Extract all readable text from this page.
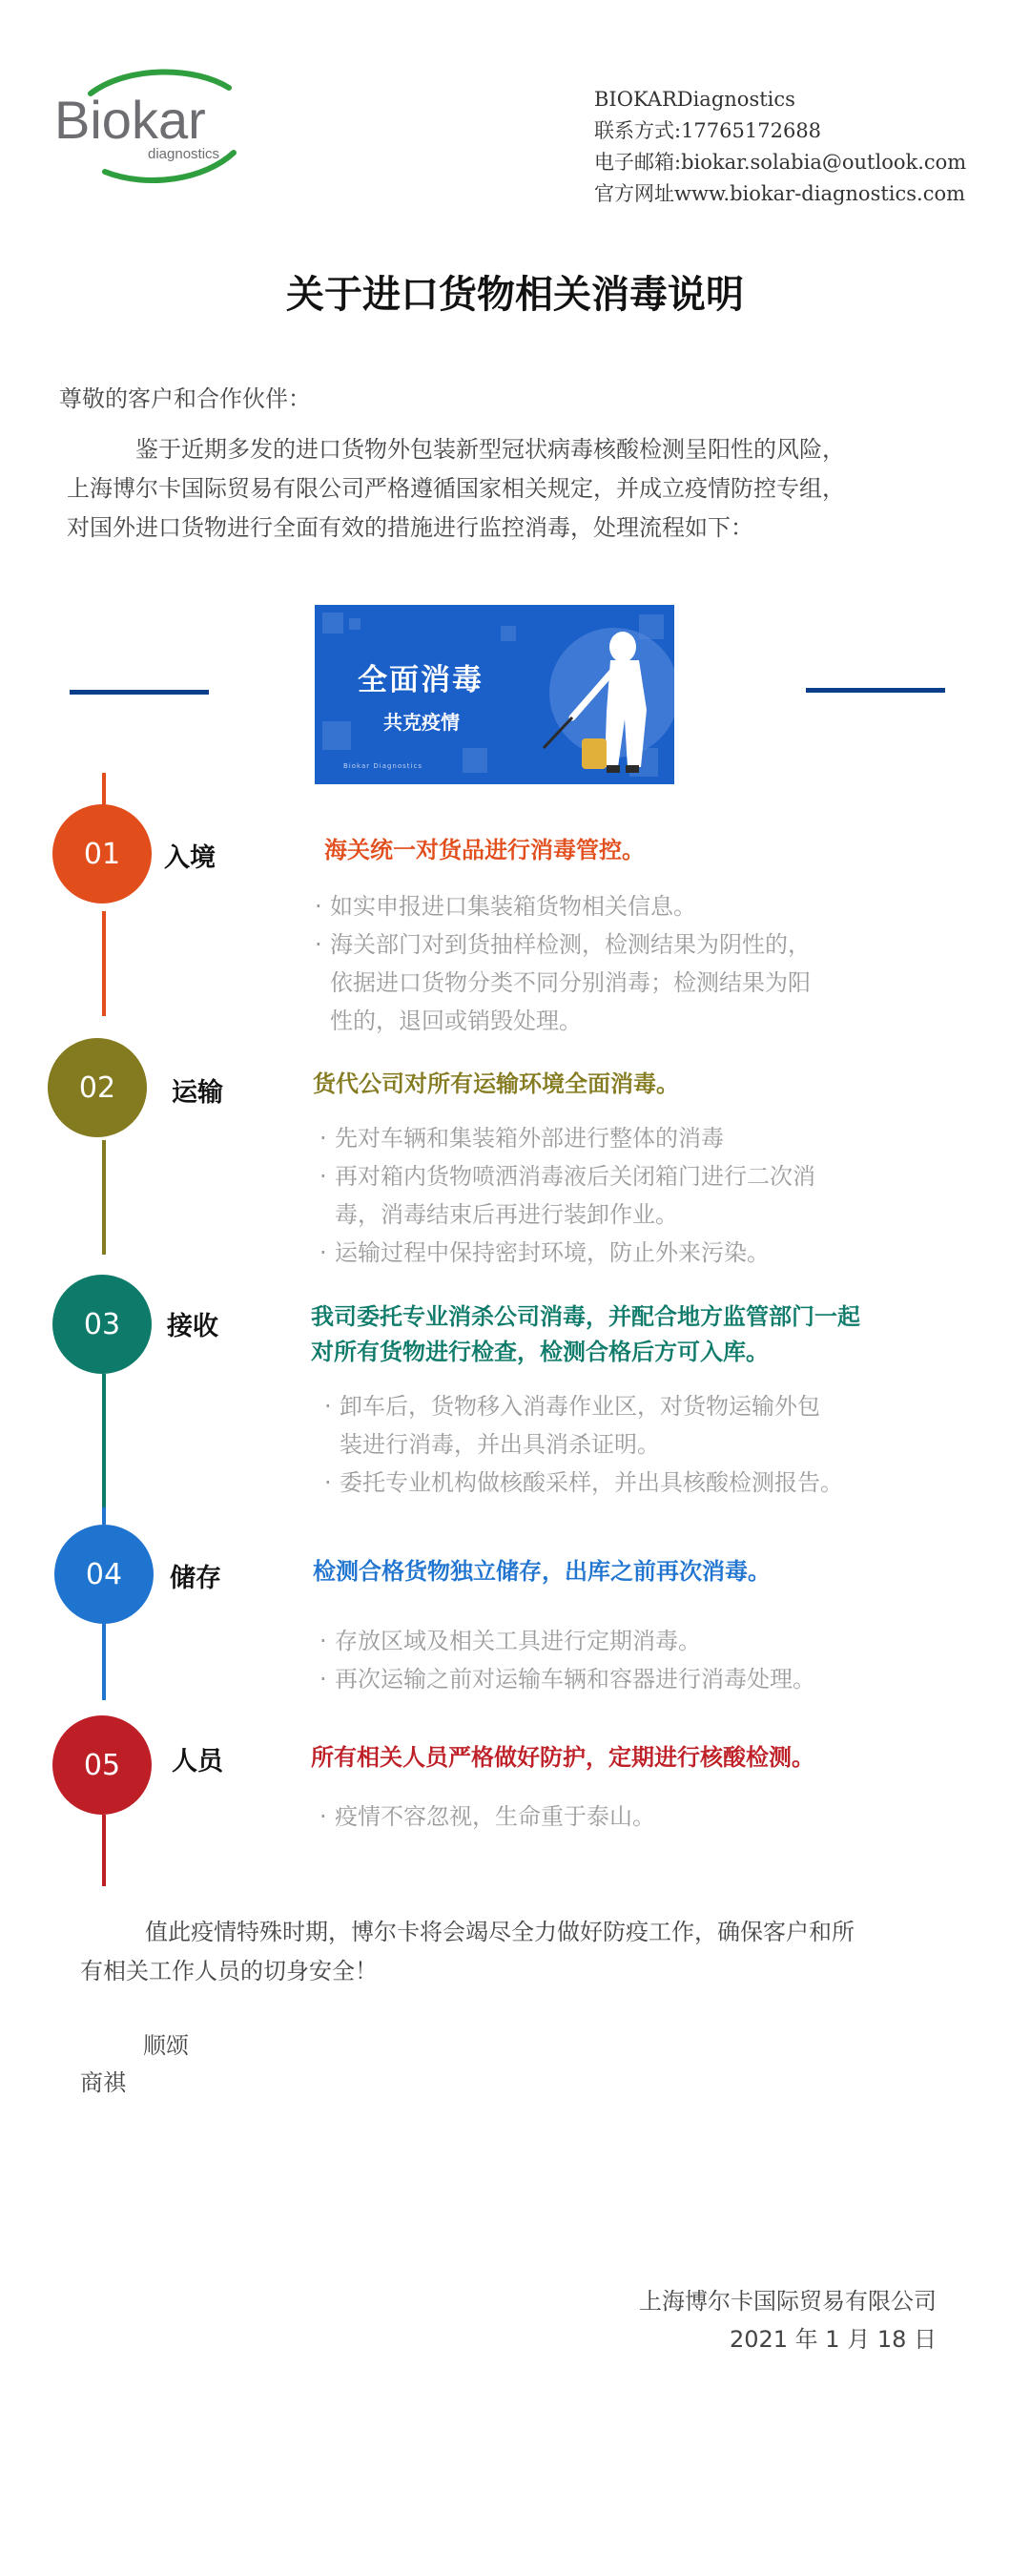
Biokar
diagnostics
BIOKARDiagnostics
联系方式:17765172688
电子邮箱:biokar.solabia@outlook.com
官方网址www.biokar-diagnostics.com
关于进口货物相关消毒说明
尊敬的客户和合作伙伴：

鉴于近期多发的进口货物外包装新型冠状病毒核酸检测呈阳性的风险，

上海博尔卡国际贸易有限公司严格遵循国家相关规定，并成立疫情防控专组，

对国外进口货物进行全面有效的措施进行监控消毒，处理流程如下：

全面消毒
共克疫情
Biokar Diagnostics
01	入境	海关统一对货品进行消毒管控。
· 如实申报进口集装箱货物相关信息。
· 海关部门对到货抽样检测，检测结果为阴性的，
依据进口货物分类不同分别消毒；检测结果为阳
性的，退回或销毁处理。
02	运输	货代公司对所有运输环境全面消毒。
· 先对车辆和集装箱外部进行整体的消毒
· 再对箱内货物喷洒消毒液后关闭箱门进行二次消
毒，消毒结束后再进行装卸作业。
· 运输过程中保持密封环境，防止外来污染。
03	接收	我司委托专业消杀公司消毒，并配合地方监管部门一起
对所有货物进行检查，检测合格后方可入库。
· 卸车后，货物移入消毒作业区，对货物运输外包
装进行消毒，并出具消杀证明。
· 委托专业机构做核酸采样，并出具核酸检测报告。
04	储存	检测合格货物独立储存，出库之前再次消毒。
· 存放区域及相关工具进行定期消毒。
· 再次运输之前对运输车辆和容器进行消毒处理。
05	人员	所有相关人员严格做好防护，定期进行核酸检测。
· 疫情不容忽视，生命重于泰山。

值此疫情特殊时期，博尔卡将会竭尽全力做好防疫工作，确保客户和所

有相关工作人员的切身安全！

顺颂
商祺
上海博尔卡国际贸易有限公司
2021 年 1 月 18 日
